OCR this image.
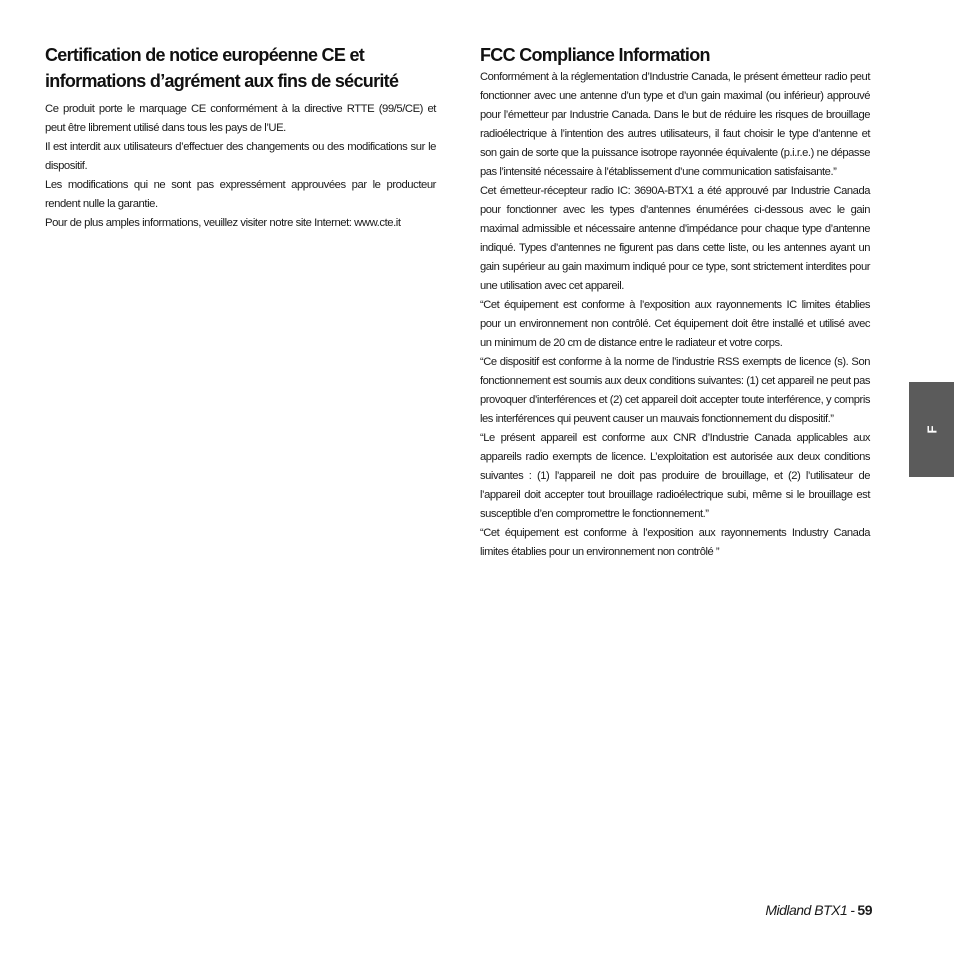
Certification de notice européenne CE et informations d’agrément aux fins de sécurité

Ce produit porte le marquage CE conformément à la directive RTTE (99/5/CE) et peut être librement utilisé dans tous les pays de l’UE.

Il est interdit aux utilisateurs d’effectuer des changements ou des modifications sur le dispositif.

Les modifications qui ne sont pas expressément approuvées par le producteur rendent nulle la garantie.

Pour de plus amples informations, veuillez visiter notre site Internet: www.cte.it

FCC Compliance Information

Conformément à la réglementation d’Industrie Canada, le présent émetteur radio peut fonctionner avec une antenne d’un type et d’un gain maximal (ou inférieur) approuvé pour l’émetteur par Industrie Canada. Dans le but de réduire les risques de brouillage radioélectrique à l’intention des autres utilisateurs, il faut choisir le type d’antenne et son gain de sorte que la puissance isotrope rayonnée équivalente (p.i.r.e.) ne dépasse pas l’intensité nécessaire à l’établissement d’une communication satisfaisante.”

Cet émetteur-récepteur radio IC: 3690A-BTX1 a été approuvé par Industrie Canada pour fonctionner avec les types d’antennes énumérées ci-dessous avec le gain maximal admissible et nécessaire antenne d’impédance pour chaque type d’antenne indiqué. Types d’antennes ne figurent pas dans cette liste, ou les antennes ayant un gain supérieur au gain maximum indiqué pour ce type, sont strictement interdites pour une utilisation avec cet appareil.

“Cet équipement est conforme à l’exposition aux rayonnements IC limites établies pour un environnement non contrôlé. Cet équipement doit être installé et utilisé avec un minimum de 20 cm de distance entre le radiateur et votre corps.

“Ce dispositif est conforme à la norme de l’industrie RSS exempts de licence (s). Son fonctionnement est soumis aux deux conditions suivantes: (1) cet appareil ne peut pas provoquer d’interférences et (2) cet appareil doit accepter toute interférence, y compris les interférences qui peuvent causer un mauvais fonctionnement du dispositif.”

“Le présent appareil est conforme aux CNR d’Industrie Canada applicables aux appareils radio exempts de licence. L’exploitation est autorisée aux deux conditions suivantes : (1) l’appareil ne doit pas produire de brouillage, et (2) l’utilisateur de l’appareil doit accepter tout brouillage radioélectrique subi, même si le brouillage est susceptible d’en compromettre le fonctionnement.”

“Cet équipement est conforme à l’exposition aux rayonnements Industry Canada limites établies pour un environnement non contrôlé ”

F
Midland BTX1 - 59
